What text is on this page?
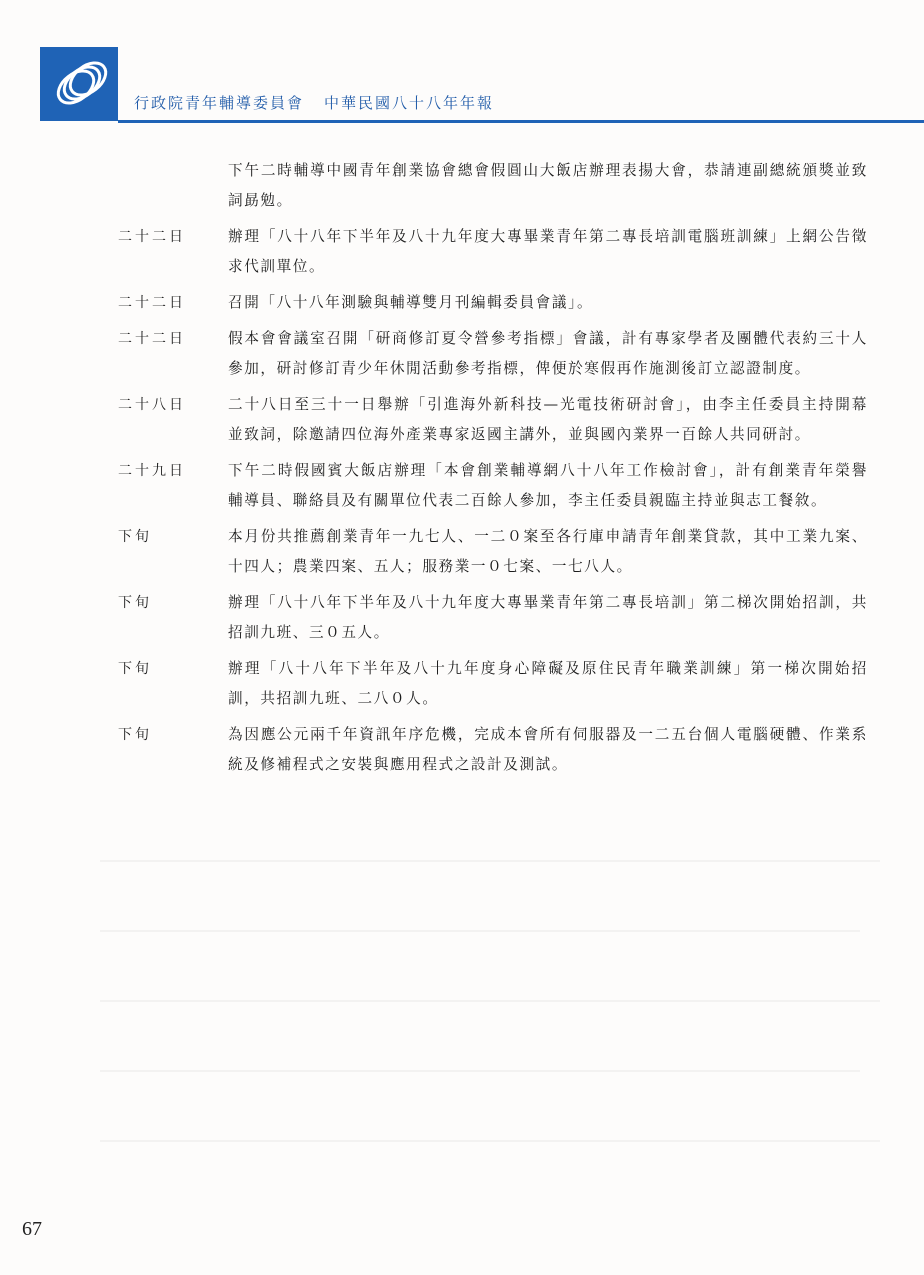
行政院青年輔導委員會 中華民國八十八年年報
下午二時輔導中國青年創業協會總會假圓山大飯店辦理表揚大會，恭請連副總統頒獎並致詞勗勉。
二十二日	辦理「八十八年下半年及八十九年度大專畢業青年第二專長培訓電腦班訓練」上網公告徵求代訓單位。
二十二日	召開「八十八年測驗與輔導雙月刊編輯委員會議」。
二十二日	假本會會議室召開「研商修訂夏令營參考指標」會議，計有專家學者及團體代表約三十人參加，研討修訂青少年休閒活動參考指標，俾便於寒假再作施測後訂立認證制度。
二十八日	二十八日至三十一日舉辦「引進海外新科技—光電技術研討會」，由李主任委員主持開幕並致詞，除邀請四位海外產業專家返國主講外，並與國內業界一百餘人共同研討。
二十九日	下午二時假國賓大飯店辦理「本會創業輔導網八十八年工作檢討會」，計有創業青年榮譽輔導員、聯絡員及有關單位代表二百餘人參加，李主任委員親臨主持並與志工餐敘。
下旬	本月份共推薦創業青年一九七人、一二０案至各行庫申請青年創業貸款，其中工業九案、十四人；農業四案、五人；服務業一０七案、一七八人。
下旬	辦理「八十八年下半年及八十九年度大專畢業青年第二專長培訓」第二梯次開始招訓，共招訓九班、三０五人。
下旬	辦理「八十八年下半年及八十九年度身心障礙及原住民青年職業訓練」第一梯次開始招訓，共招訓九班、二八０人。
下旬	為因應公元兩千年資訊年序危機，完成本會所有伺服器及一二五台個人電腦硬體、作業系統及修補程式之安裝與應用程式之設計及測試。
67
